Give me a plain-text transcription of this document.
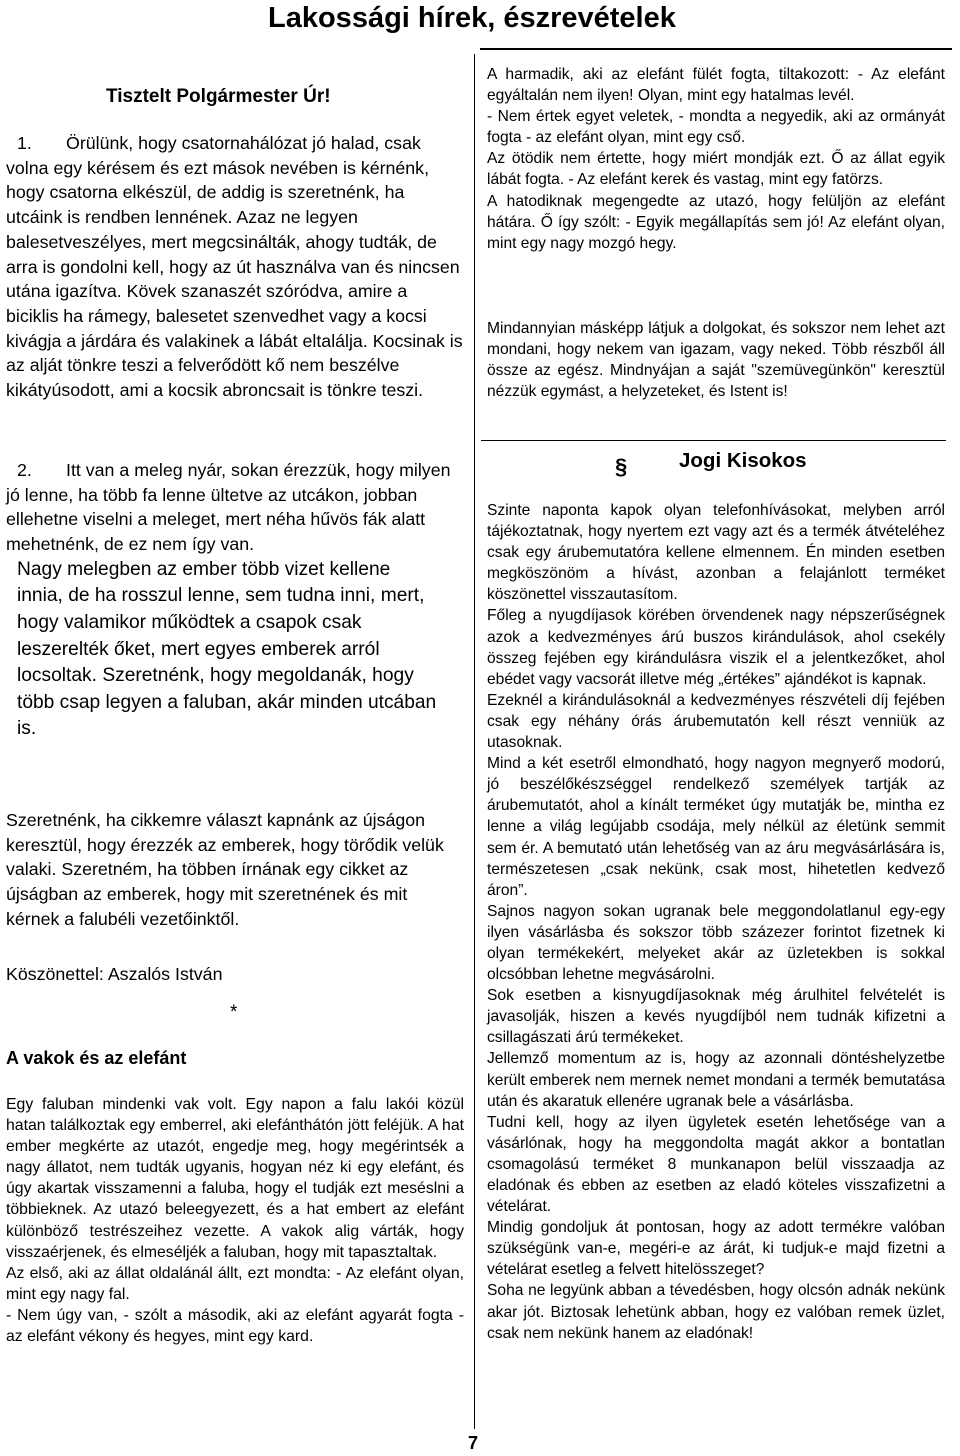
Lakossági hírek, észrevételek
Tisztelt Polgármester Úr!

1. Örülünk, hogy csatornahálózat jó halad, csak volna egy kérésem és ezt mások nevében is kérnénk, hogy csatorna elkészül, de addig is szeretnénk, ha utcáink is rendben lennének. Azaz ne legyen balesetveszélyes, mert megcsinálták, ahogy tudták, de arra is gondolni kell, hogy az út használva van és nincsen utána igazítva. Kövek szanaszét szóródva, amire a biciklis ha rámegy, balesetet szenvedhet vagy a kocsi kivágja a járdára és valakinek a lábát eltalálja. Kocsinak is az alját tönkre teszi a felverődött kő nem beszélve kikátyúsodott, ami a kocsik abroncsait is tönkre teszi.

2. Itt van a meleg nyár, sokan érezzük, hogy milyen jó lenne, ha több fa lenne ültetve az utcákon, jobban ellehetne viselni a meleget, mert néha hűvös fák alatt mehetnénk, de ez nem így van.

Nagy melegben az ember több vizet kellene innia, de ha rosszul lenne, sem tudna inni, mert, hogy valamikor működtek a csapok csak leszerelték őket, mert egyes emberek arról locsoltak. Szeretnénk, hogy megoldanák, hogy több csap legyen a faluban, akár minden utcában is.

Szeretnénk, ha cikkemre választ kapnánk az újságon keresztül, hogy érezzék az emberek, hogy törődik velük valaki. Szeretném, ha többen írnának egy cikket az újságban az emberek, hogy mit szeretnének és mit kérnek a falubéli vezetőinktől.

Köszönettel: Aszalós István

*

A vakok és az elefánt

Egy faluban mindenki vak volt. Egy napon a falu lakói közül hatan találkoztak egy emberrel, aki elefánthátón jött feléjük. A hat ember megkérte az utazót, engedje meg, hogy megérintsék a nagy állatot, nem tudták ugyanis, hogyan néz ki egy elefánt, és úgy akartak visszamenni a faluba, hogy el tudják ezt meséslni a többieknek. Az utazó beleegyezett, és a hat embert az elefánt különböző testrészeihez vezette. A vakok alig várták, hogy visszaérjenek, és elmeséljék a faluban, hogy mit tapasztaltak.

Az első, aki az állat oldalánál állt, ezt mondta: - Az elefánt olyan, mint egy nagy fal.

- Nem úgy van, - szólt a második, aki az elefánt agyarát fogta - az elefánt vékony és hegyes, mint egy kard.

A harmadik, aki az elefánt fülét fogta, tiltakozott: - Az elefánt egyáltalán nem ilyen! Olyan, mint egy hatalmas levél.

- Nem értek egyet veletek, - mondta a negyedik, aki az ormányát fogta - az elefánt olyan, mint egy cső.

Az ötödik nem értette, hogy miért mondják ezt. Ő az állat egyik lábát fogta. - Az elefánt kerek és vastag, mint egy fatörzs.

A hatodiknak megengedte az utazó, hogy felüljön az elefánt hátára. Ő így szólt: - Egyik megállapítás sem jó! Az elefánt olyan, mint egy nagy mozgó hegy.

Mindannyian másképp látjuk a dolgokat, és sokszor nem lehet azt mondani, hogy nekem van igazam, vagy neked. Több részből áll össze az egész. Mindnyájan a saját "szemüvegünkön" keresztül nézzük egymást, a helyzeteket, és Istent is!

§	Jogi Kisokos

Szinte naponta kapok olyan telefonhívásokat, melyben arról tájékoztatnak, hogy nyertem ezt vagy azt és a termék átvételéhez csak egy árubemutatóra kellene elmennem. Én minden esetben megköszönöm a hívást, azonban a felajánlott terméket köszönettel visszautasítom.

Főleg a nyugdíjasok körében örvendenek nagy népszerűségnek azok a kedvezményes árú buszos kirándulások, ahol csekély összeg fejében egy kirándulásra viszik el a jelentkezőket, ahol ebédet vagy vacsorát illetve még „értékes” ajándékot is kapnak.

Ezeknél a kirándulásoknál a kedvezményes részvételi díj fejében csak egy néhány órás árubemutatón kell részt venniük az utasoknak.

Mind a két esetről elmondható, hogy nagyon megnyerő modorú, jó beszélőkészséggel rendelkező személyek tartják az árubemutatót, ahol a kínált terméket úgy mutatják be, mintha ez lenne a világ legújabb csodája, mely nélkül az életünk semmit sem ér. A bemutató után lehetőség van az áru megvásárlására is, természetesen „csak nekünk, csak most, hihetetlen kedvező áron”.

Sajnos nagyon sokan ugranak bele meggondolatlanul egy-egy ilyen vásárlásba és sokszor több százezer forintot fizetnek ki olyan termékekért, melyeket akár az üzletekben is sokkal olcsóbban lehetne megvásárolni.

Sok esetben a kisnyugdíjasoknak még árulhitel felvételét is javasolják, hiszen a kevés nyugdíjból nem tudnák kifizetni a csillagászati árú termékeket.

Jellemző momentum az is, hogy az azonnali döntéshelyzetbe került emberek nem mernek nemet mondani a termék bemutatása után és akaratuk ellenére ugranak bele a vásárlásba.

Tudni kell, hogy az ilyen ügyletek esetén lehetősége van a vásárlónak, hogy ha meggondolta magát akkor a bontatlan csomagolású terméket 8 munkanapon belül visszaadja az eladónak és ebben az esetben az eladó köteles visszafizetni a vételárat.

Mindig gondoljuk át pontosan, hogy az adott termékre valóban szükségünk van-e, megéri-e az árát, ki tudjuk-e majd fizetni a vételárat esetleg a felvett hitelösszeget?

Soha ne legyünk abban a tévedésben, hogy olcsón adnák nekünk akar jót. Biztosak lehetünk abban, hogy ez valóban remek üzlet, csak nem nekünk hanem az eladónak!

7
